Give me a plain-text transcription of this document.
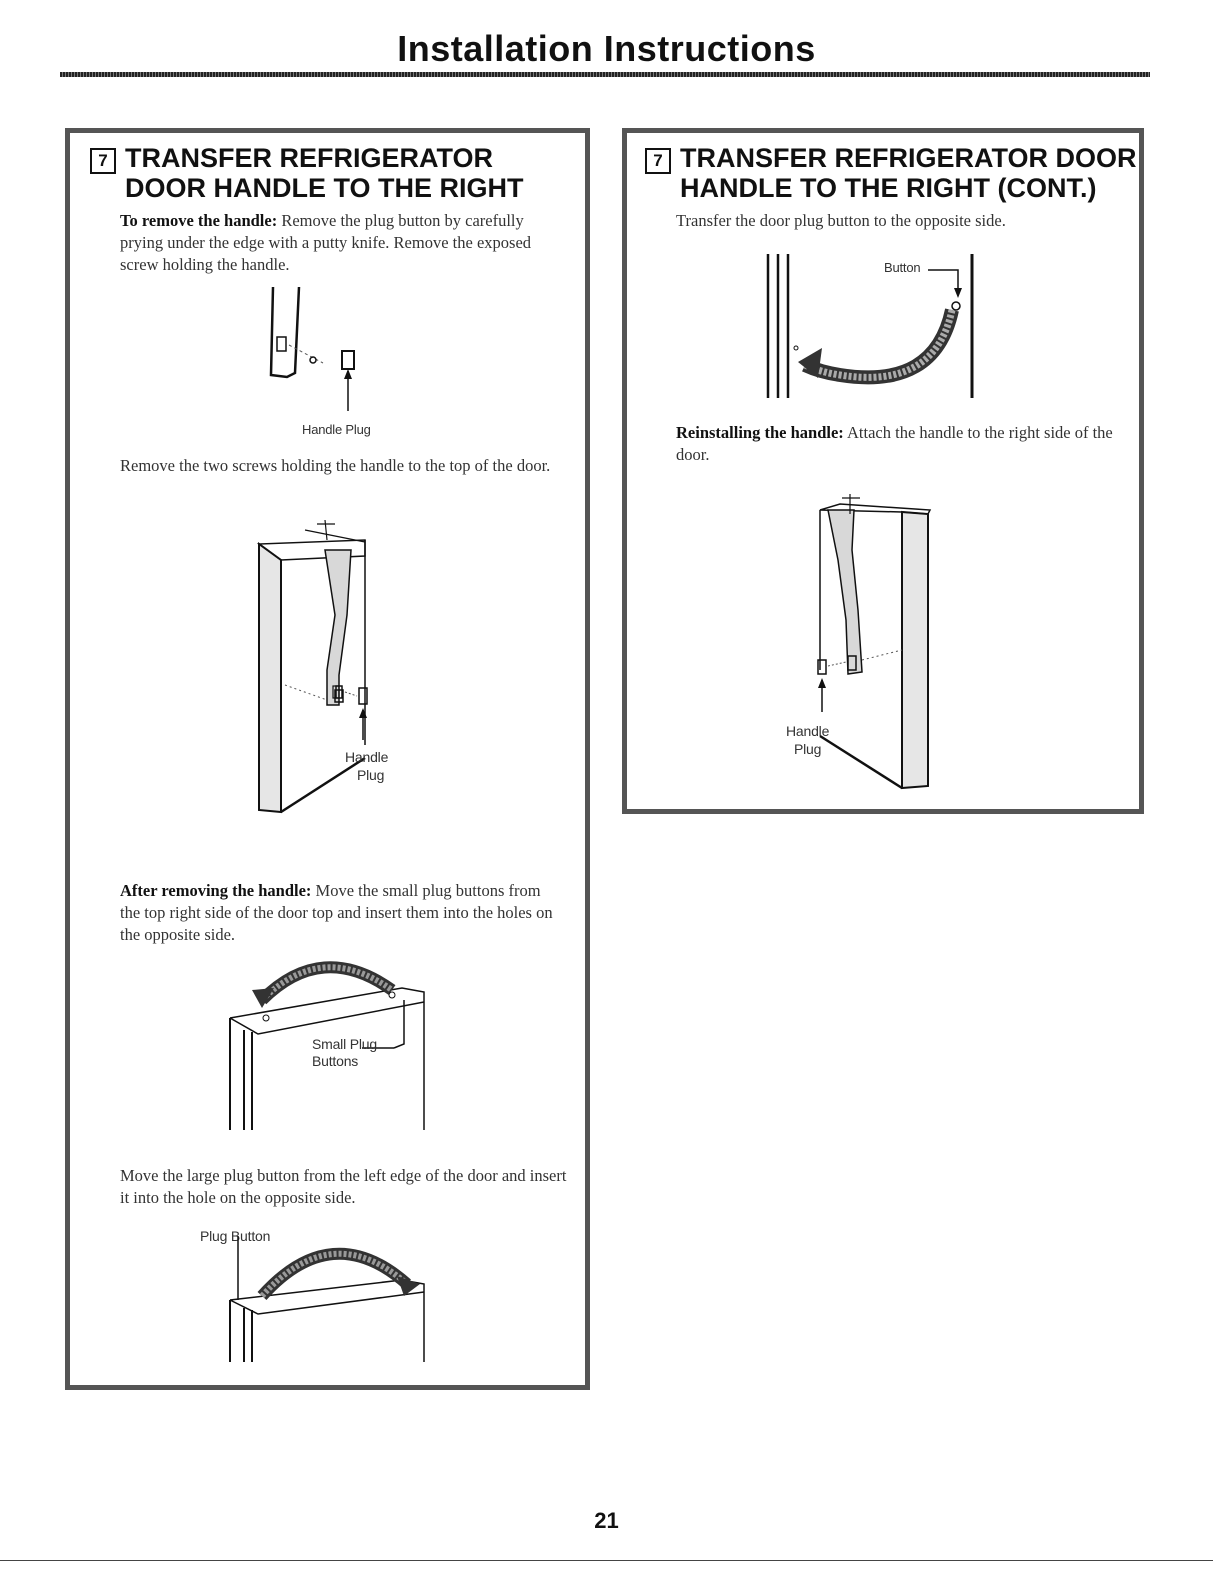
Installation Instructions
7 TRANSFER REFRIGERATOR
DOOR HANDLE TO THE RIGHT
To remove the handle: Remove the plug button by carefully prying under the edge with a putty knife. Remove the exposed screw holding the handle.
Handle Plug
Remove the two screws holding the handle to the top of the door.
Handle
Plug
After removing the handle: Move the small plug buttons from the top right side of the door top and insert them into the holes on the opposite side.
Small Plug
Buttons
Move the large plug button from the left edge of the door and insert it into the hole on the opposite side.
Plug Button
7 TRANSFER REFRIGERATOR DOOR
HANDLE TO THE RIGHT (CONT.)
Transfer the door plug button to the opposite side.
Button
Reinstalling the handle: Attach the handle to the right side of the door.
Handle
Plug
21
